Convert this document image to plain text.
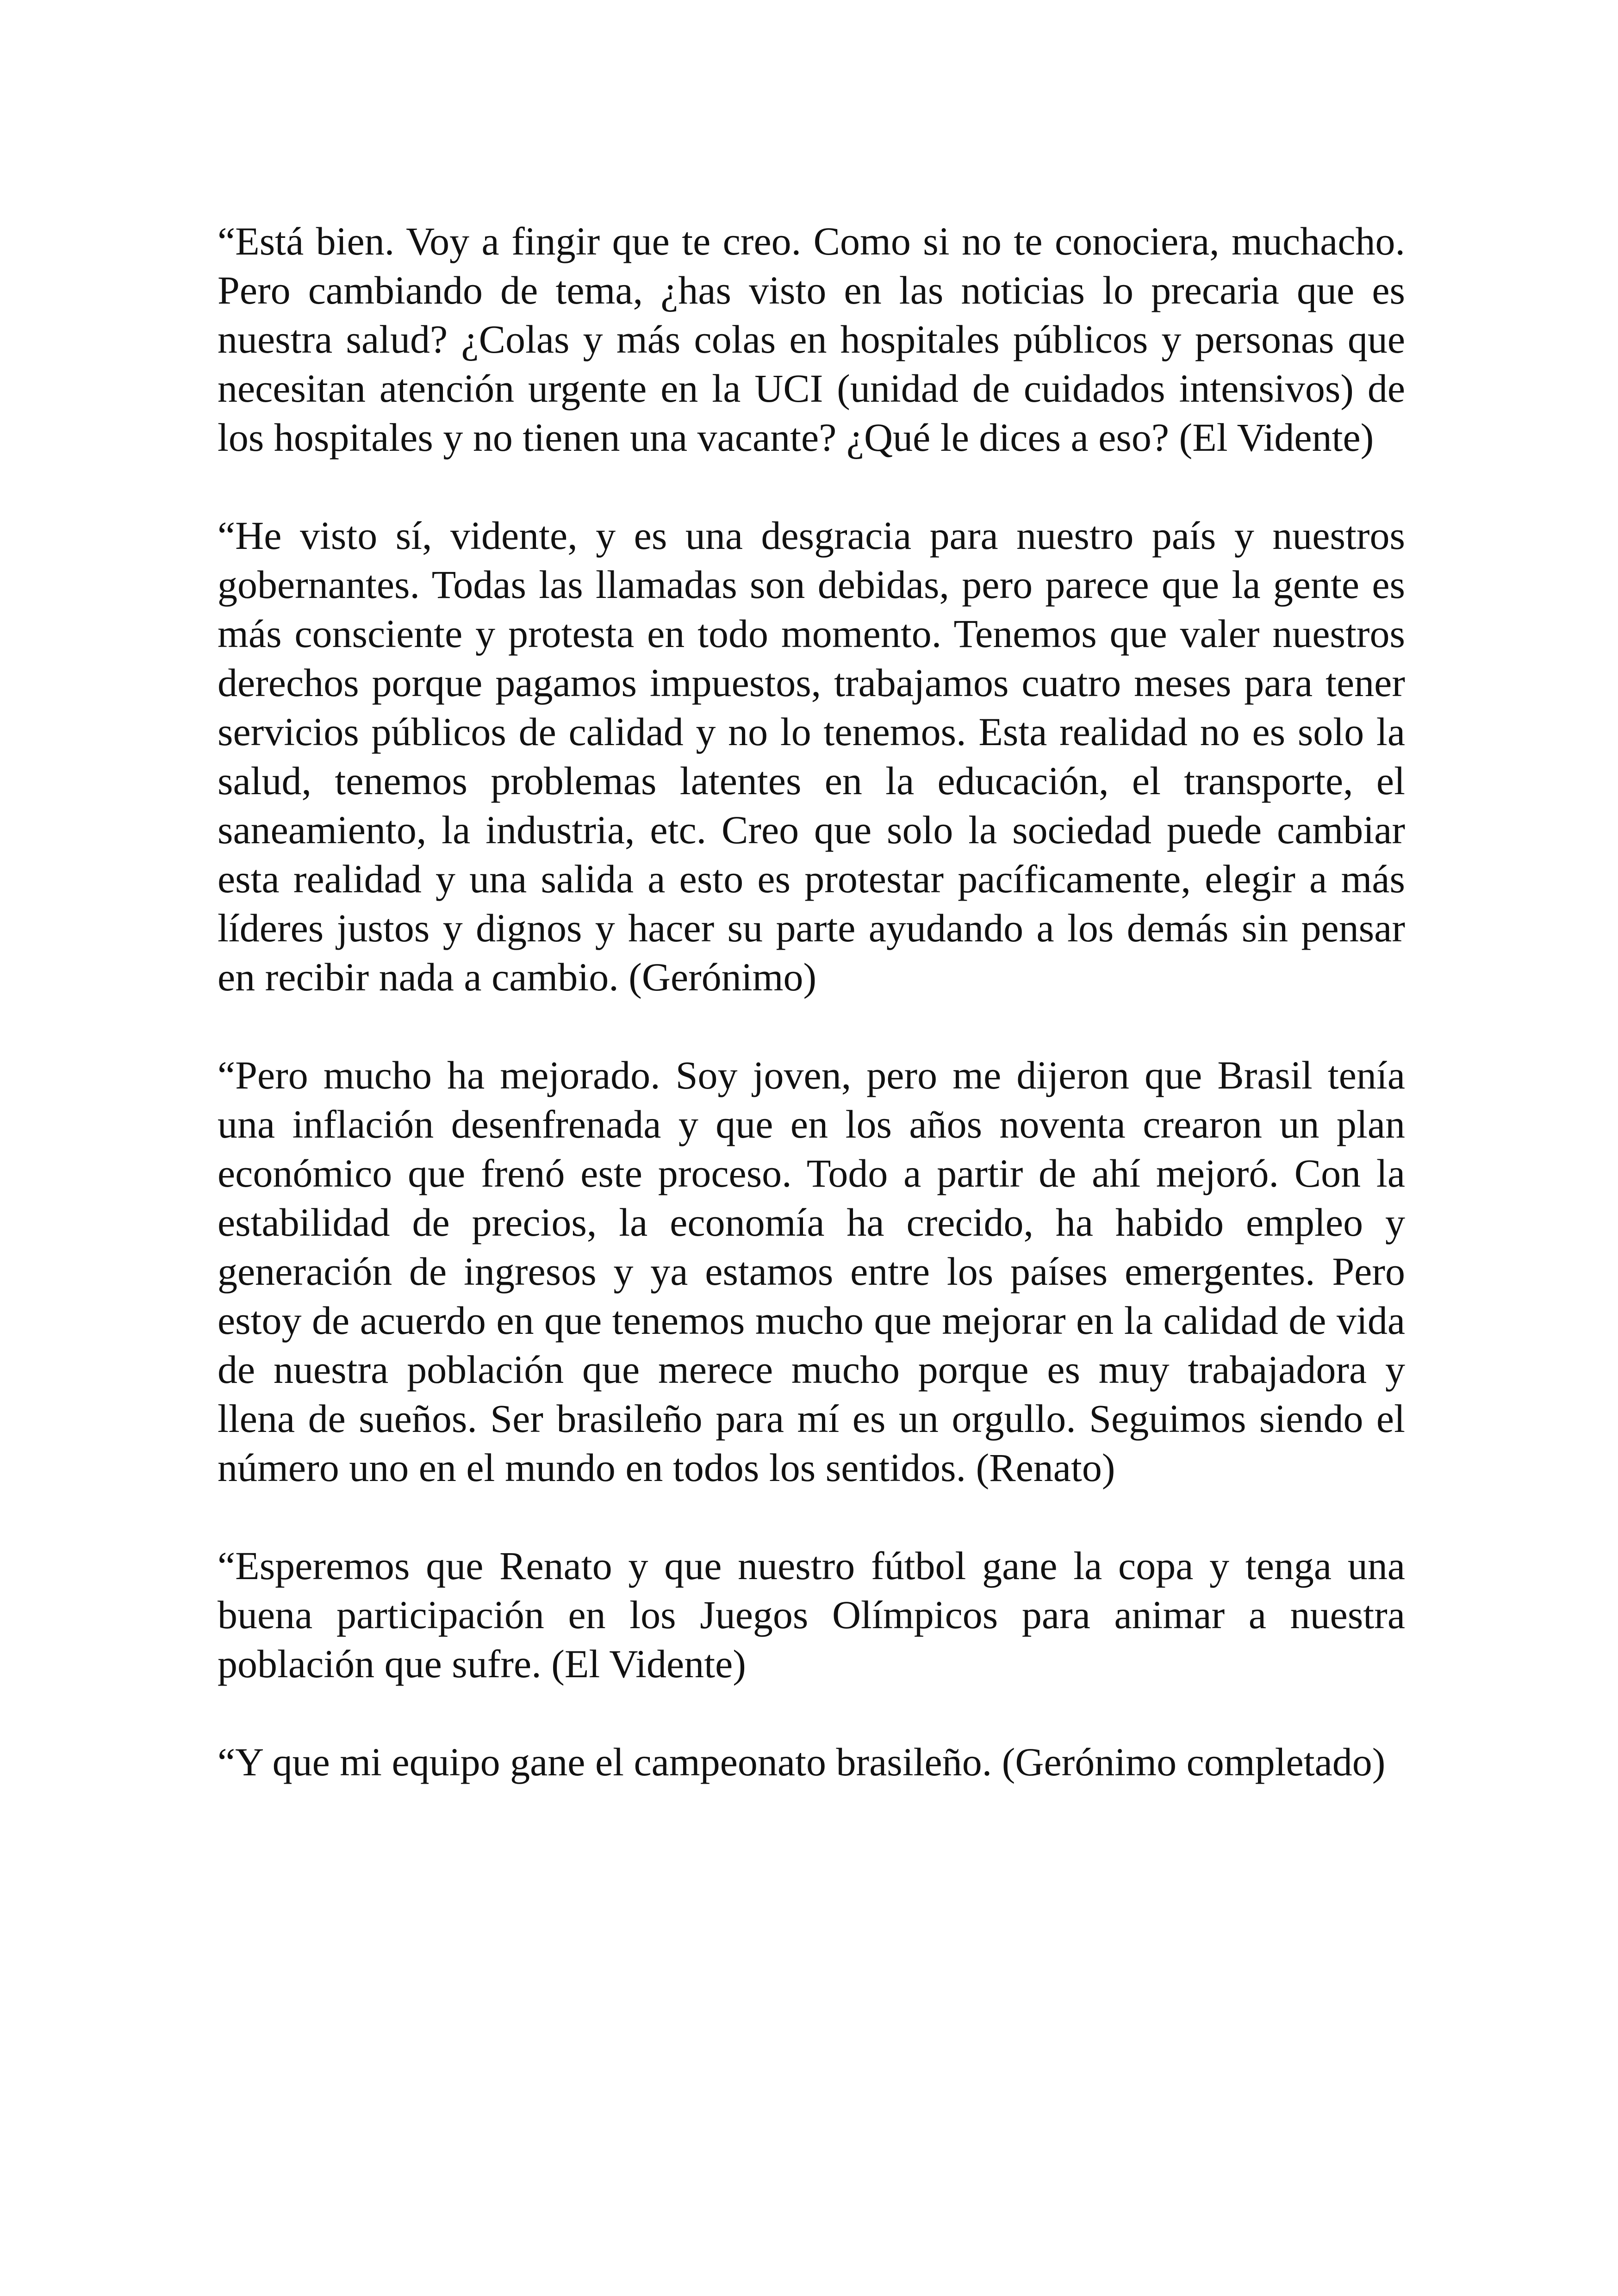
“Está bien. Voy a fingir que te creo. Como si no te conociera, muchacho. Pero cambiando de tema, ¿has visto en las noticias lo precaria que es nuestra salud? ¿Colas y más colas en hospitales públicos y personas que necesitan atención urgente en la UCI (unidad de cuidados intensivos) de los hospitales y no tienen una vacante? ¿Qué le dices a eso? (El Vidente)

“He visto sí, vidente, y es una desgracia para nuestro país y nuestros gobernantes. Todas las llamadas son debidas, pero parece que la gente es más consciente y protesta en todo momento. Tenemos que valer nuestros derechos porque pagamos impuestos, trabajamos cuatro meses para tener servicios públicos de calidad y no lo tenemos. Esta realidad no es solo la salud, tenemos problemas latentes en la educación, el transporte, el saneamiento, la industria, etc. Creo que solo la sociedad puede cambiar esta realidad y una salida a esto es protestar pacíficamente, elegir a más líderes justos y dignos y hacer su parte ayudando a los demás sin pensar en recibir nada a cambio. (Gerónimo)

“Pero mucho ha mejorado. Soy joven, pero me dijeron que Brasil tenía una inflación desenfrenada y que en los años noventa crearon un plan económico que frenó este proceso. Todo a partir de ahí mejoró. Con la estabilidad de precios, la economía ha crecido, ha habido empleo y generación de ingresos y ya estamos entre los países emergentes. Pero estoy de acuerdo en que tenemos mucho que mejorar en la calidad de vida de nuestra población que merece mucho porque es muy trabajadora y llena de sueños. Ser brasileño para mí es un orgullo. Seguimos siendo el número uno en el mundo en todos los sentidos. (Renato)

“Esperemos que Renato y que nuestro fútbol gane la copa y tenga una buena participación en los Juegos Olímpicos para animar a nuestra población que sufre. (El Vidente)

“Y que mi equipo gane el campeonato brasileño. (Gerónimo completado)
